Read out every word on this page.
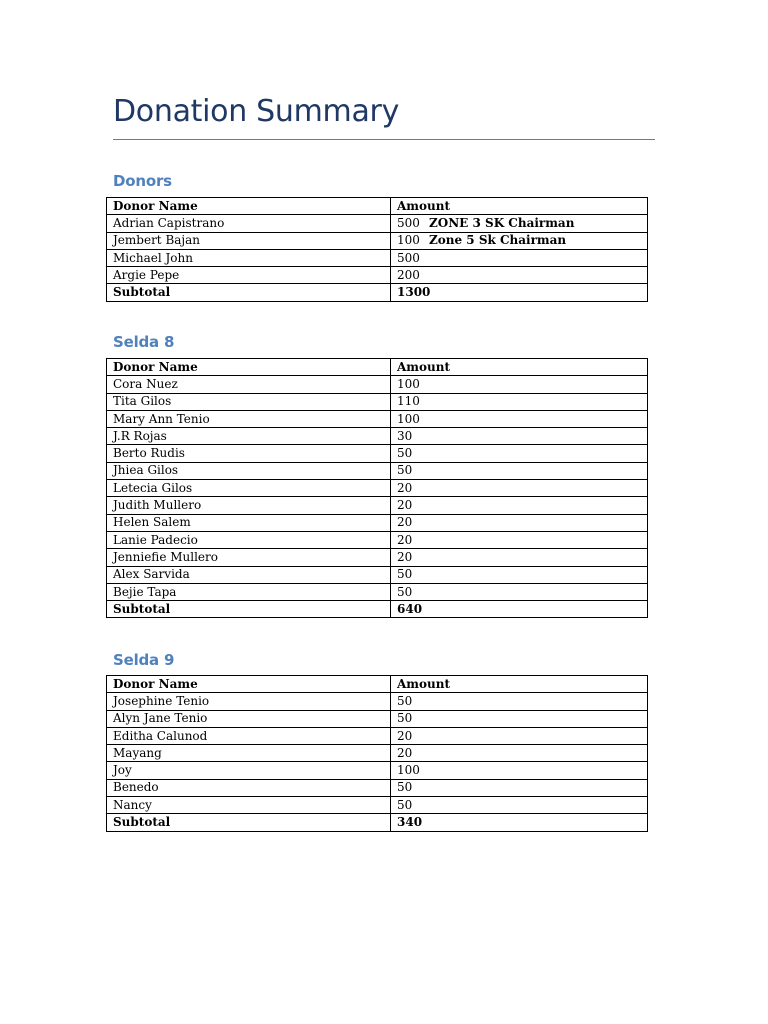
Donation Summary
Donors
Donor Name	Amount
Adrian Capistrano	500 ZONE 3 SK Chairman
Jembert Bajan	100 Zone 5 Sk Chairman
Michael John	500
Argie Pepe	200
Subtotal	1300
Selda 8
Donor Name	Amount
Cora Nuez	100
Tita Gilos	110
Mary Ann Tenio	100
J.R Rojas	30
Berto Rudis	50
Jhiea Gilos	50
Letecia Gilos	20
Judith Mullero	20
Helen Salem	20
Lanie Padecio	20
Jenniefie Mullero	20
Alex Sarvida	50
Bejie Tapa	50
Subtotal	640
Selda 9
Donor Name	Amount
Josephine Tenio	50
Alyn Jane Tenio	50
Editha Calunod	20
Mayang	20
Joy	100
Benedo	50
Nancy	50
Subtotal	340
